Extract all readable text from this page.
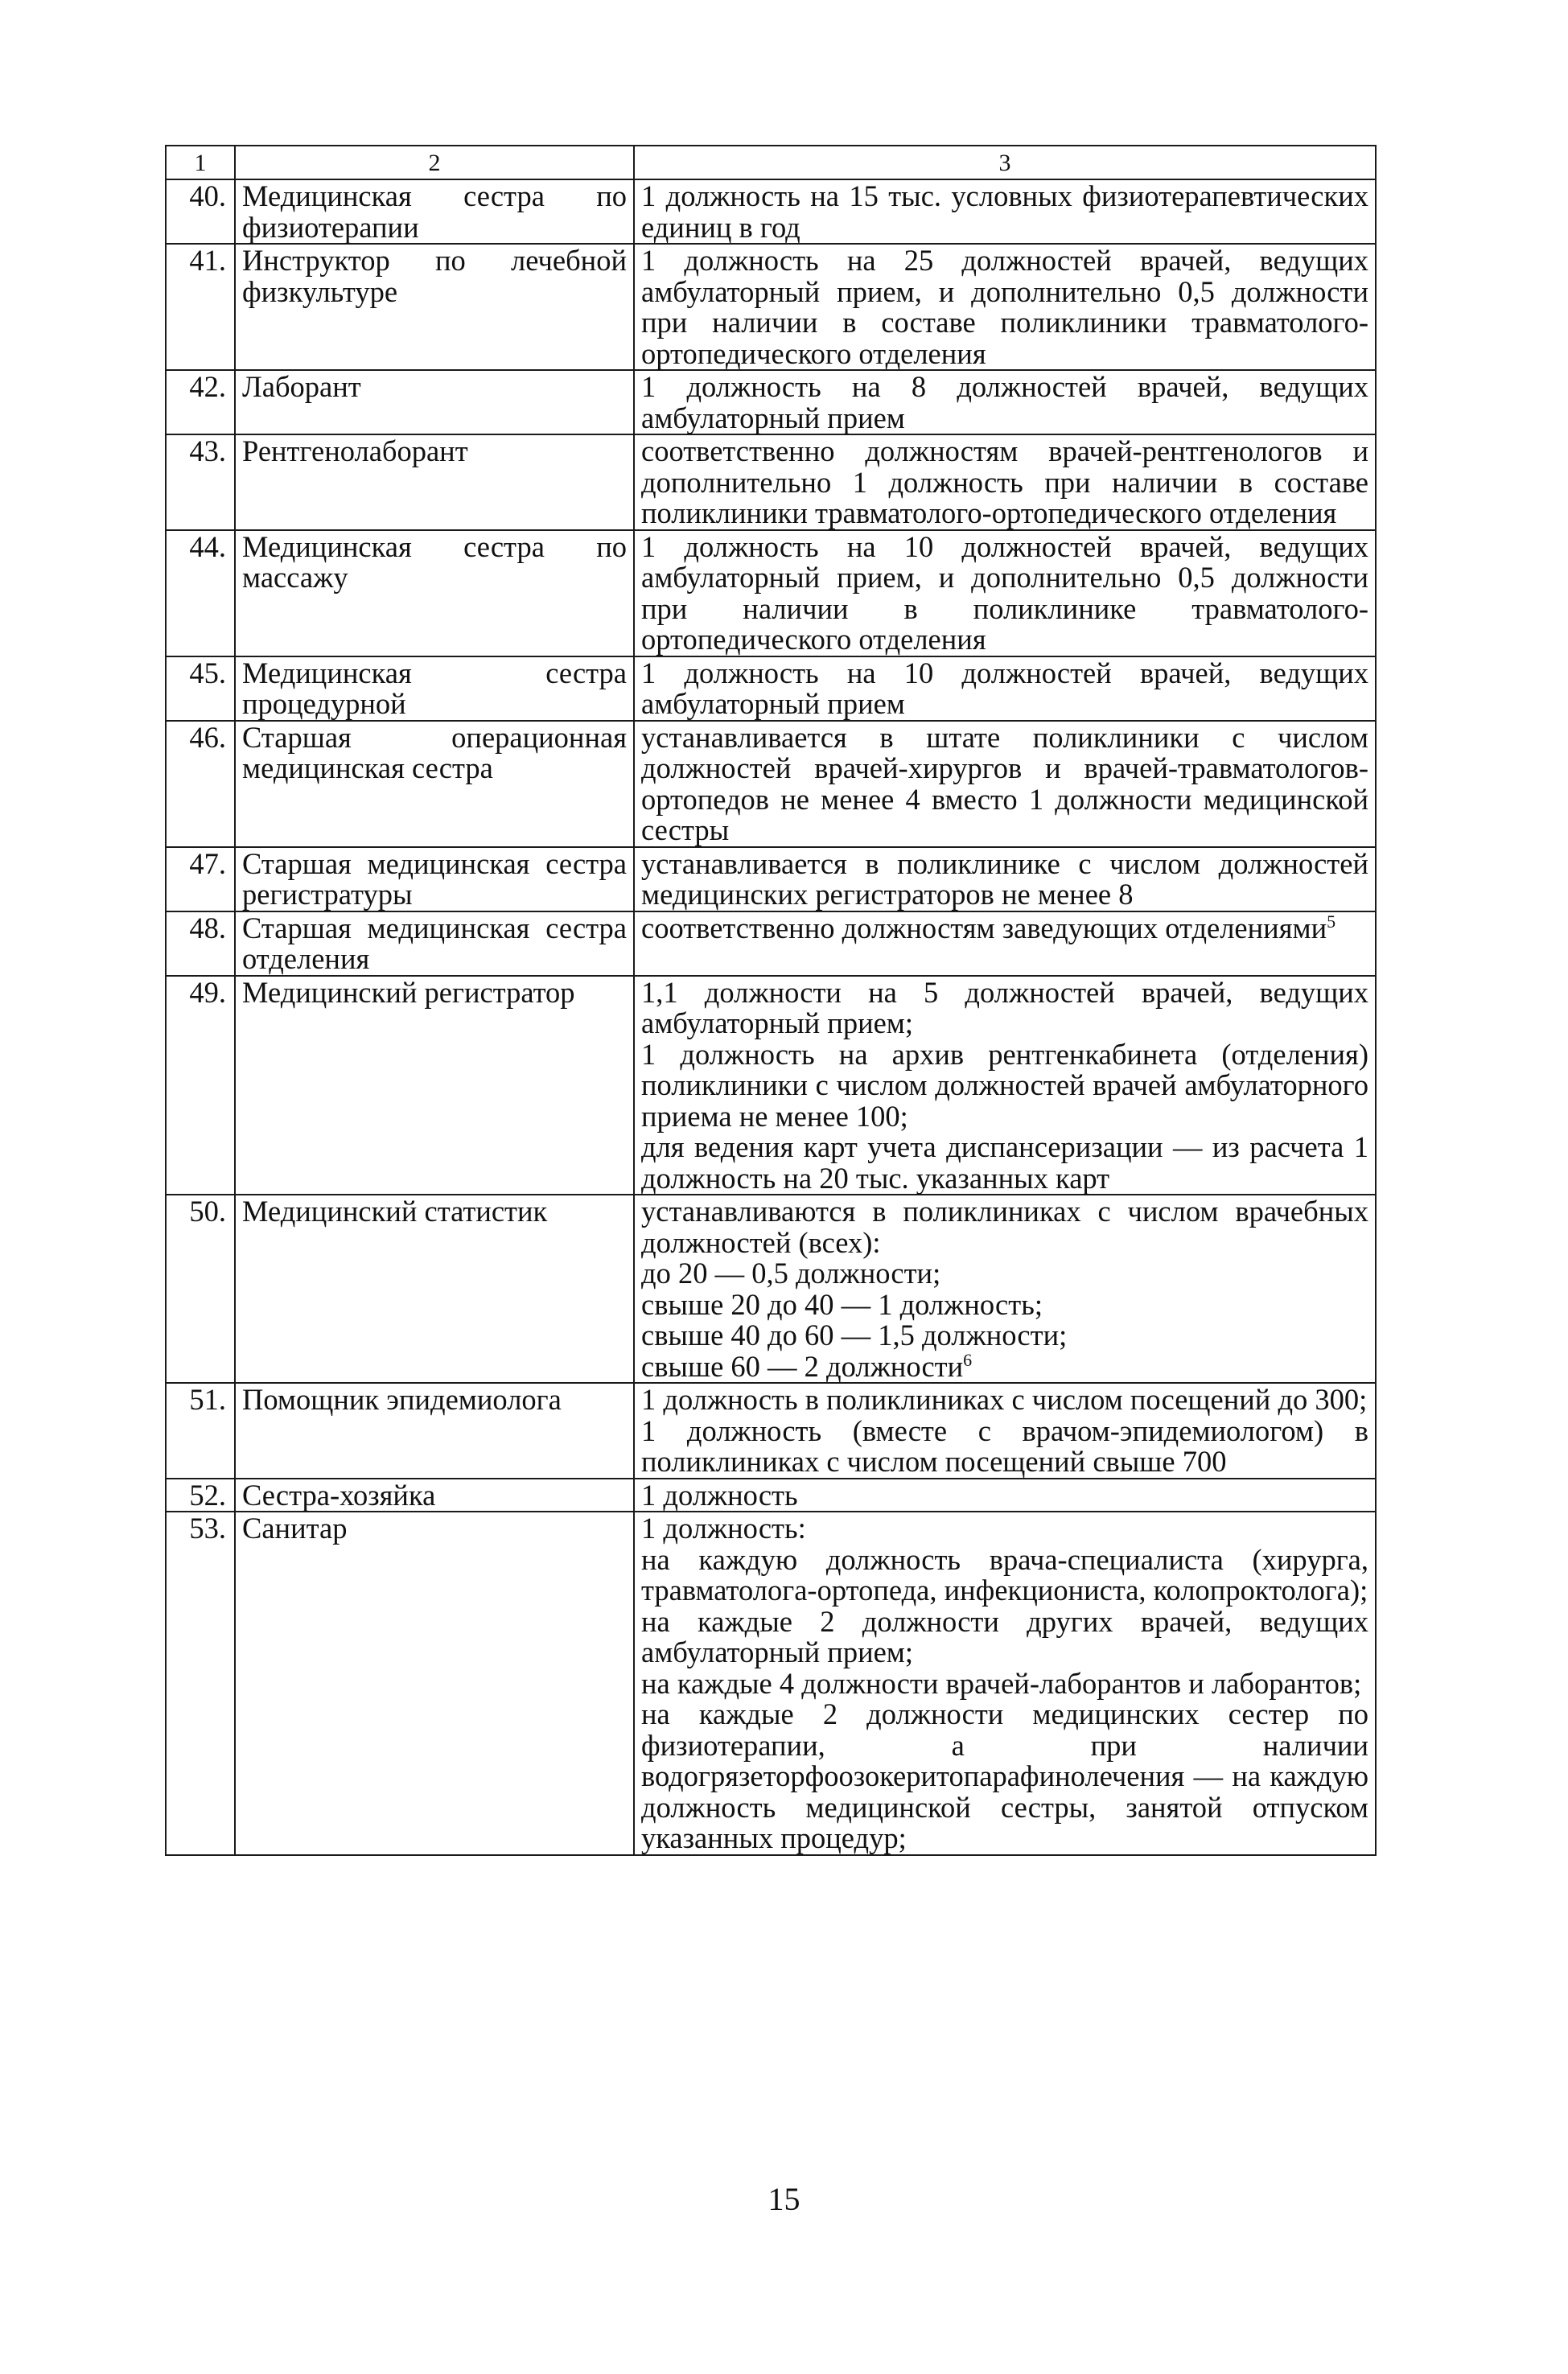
1	2	3
40.	Медицинская сестра по физиотерапии	1 должность на 15 тыс. условных физиотерапевтических единиц в год

41.	Инструктор по лечебной физкультуре	1 должность на 25 должностей врачей, ведущих амбулаторный прием, и дополнительно 0,5 должности при наличии в составе поликлиники травматолого-ортопедического отделения

42.	Лаборант	1 должность на 8 должностей врачей, ведущих амбулаторный прием

43.	Рентгенолаборант	соответственно должностям врачей-рентгенологов и дополнительно 1 должность при наличии в составе поликлиники травматолого-ортопедического отделения

44.	Медицинская сестра по массажу	1 должность на 10 должностей врачей, ведущих амбулаторный прием, и дополнительно 0,5 должности при наличии в поликлинике травматолого-ортопедического отделения

45.	Медицинская сестра процедурной	1 должность на 10 должностей врачей, ведущих амбулаторный прием

46.	Старшая операционная медицинская сестра	устанавливается в штате поликлиники с числом должностей врачей-хирургов и врачей-травматологов-ортопедов не менее 4 вместо 1 должности медицинской сестры

47.	Старшая медицинская сестра регистратуры	устанавливается в поликлинике с числом должностей медицинских регистраторов не менее 8

48.	Старшая медицинская сестра отделения	соответственно должностям заведующих отделениями$^5$

49.	Медицинский регистратор	1,1 должности на 5 должностей врачей, ведущих амбулаторный прием;
1 должность на архив рентгенкабинета (отделения) поликлиники с числом должностей врачей амбулаторного приема не менее 100;
для ведения карт учета диспансеризации — из расчета 1 должность на 20 тыс. указанных карт

50.	Медицинский статистик	устанавливаются в поликлиниках с числом врачебных должностей (всех):
до 20 — 0,5 должности;
свыше 20 до 40 — 1 должность;
свыше 40 до 60 — 1,5 должности;
свыше 60 — 2 должности$^6$

51.	Помощник эпидемиолога	1 должность в поликлиниках с числом посещений до 300;
1 должность (вместе с врачом-эпидемиологом) в поликлиниках с числом посещений свыше 700

52.	Сестра-хозяйка	1 должность

53.	Санитар	1 должность:
на каждую должность врача-специалиста (хирурга, травматолога-ортопеда, инфекциониста, колопроктолога);
на каждые 2 должности других врачей, ведущих амбулаторный прием;
на каждые 4 должности врачей-лаборантов и лаборантов;
на каждые 2 должности медицинских сестер по физиотерапии, а при наличии водогрязеторфоозокеритопарафинолечения — на каждую должность медицинской сестры, занятой отпуском указанных процедур;
15
